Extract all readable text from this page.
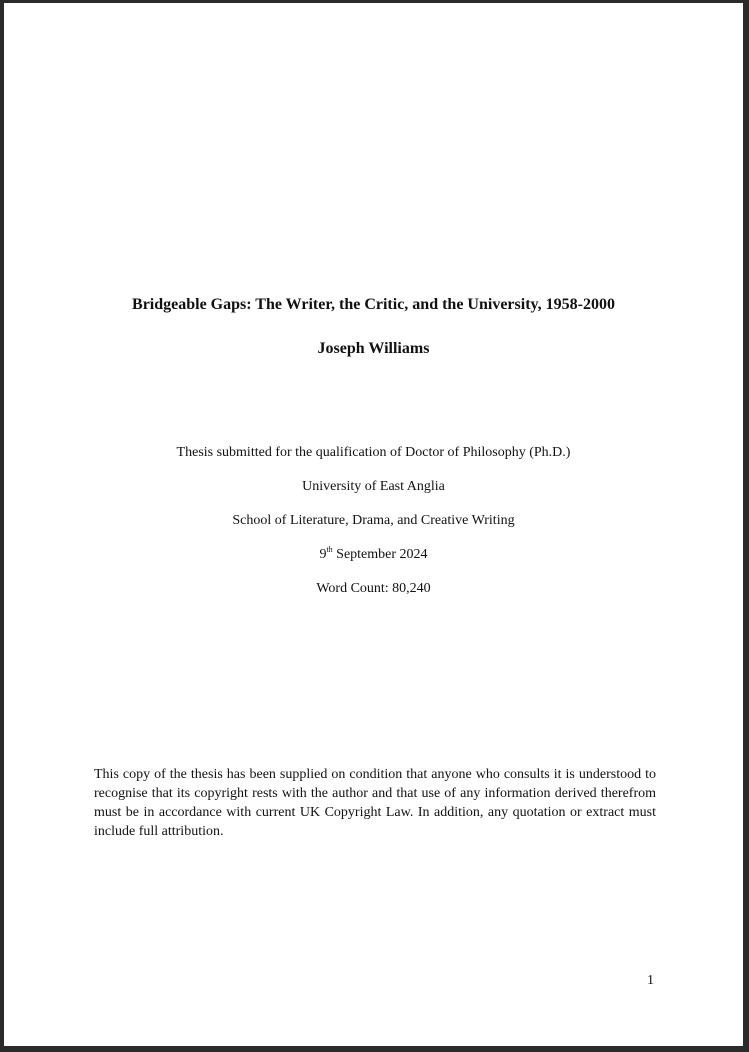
Bridgeable Gaps: The Writer, the Critic, and the University, 1958-2000
Joseph Williams
Thesis submitted for the qualification of Doctor of Philosophy (Ph.D.)
University of East Anglia
School of Literature, Drama, and Creative Writing
9th September 2024
Word Count: 80,240
This copy of the thesis has been supplied on condition that anyone who consults it is understood to recognise that its copyright rests with the author and that use of any information derived therefrom must be in accordance with current UK Copyright Law. In addition, any quotation or extract must include full attribution.
1
